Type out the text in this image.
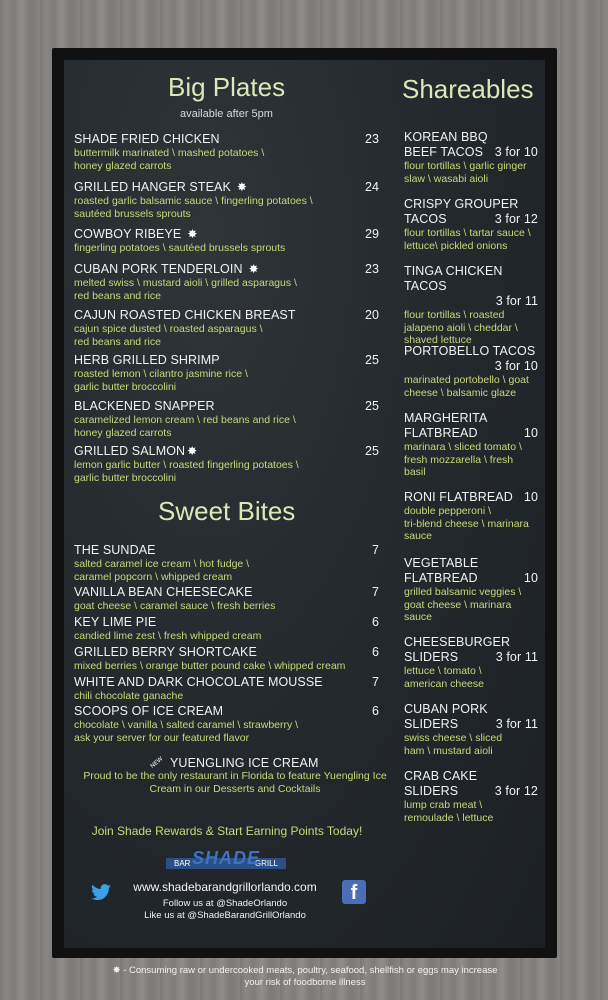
Big Plates
available after 5pm
SHADE FRIED CHICKEN
buttermilk marinated \ mashed potatoes \
honey glazed carrots
23
GRILLED HANGER STEAK ✸
roasted garlic balsamic sauce \ fingerling potatoes \
sautéed brussels sprouts
24
COWBOY RIBEYE ✸
fingerling potatoes \ sautéed brussels sprouts
29
CUBAN PORK TENDERLOIN ✸
melted swiss \ mustard aioli \ grilled asparagus \
red beans and rice
23
CAJUN ROASTED CHICKEN BREAST
cajun spice dusted \ roasted asparagus \
red beans and rice
20
HERB GRILLED SHRIMP
roasted lemon \ cilantro jasmine rice \
garlic butter broccolini
25
BLACKENED SNAPPER
caramelized lemon cream \ red beans and rice \
honey glazed carrots
25
GRILLED SALMON ✸
lemon garlic butter \ roasted fingerling potatoes \
garlic butter broccolini
25
Sweet Bites
THE SUNDAE
salted caramel ice cream \ hot fudge \
caramel popcorn \ whipped cream
7
VANILLA BEAN CHEESECAKE
goat cheese \ caramel sauce \ fresh berries
7
KEY LIME PIE
candied lime zest \ fresh whipped cream
6
GRILLED BERRY SHORTCAKE
mixed berries \ orange butter pound cake \ whipped cream
6
WHITE AND DARK CHOCOLATE MOUSSE
chili chocolate ganache
7
SCOOPS OF ICE CREAM
chocolate \ vanilla \ salted caramel \ strawberry \
ask your server for our featured flavor
6
NEW YUENGLING ICE CREAM
Proud to be the only restaurant in Florida to feature Yuengling Ice
Cream in our Desserts and Cocktails
Shareables
KOREAN BBQ
BEEF TACOS 3 for 10
flour tortillas \ garlic ginger
slaw \ wasabi aioli
CRISPY GROUPER
TACOS	3 for 12
flour tortillas \ tartar sauce \
lettuce\ pickled onions
TINGA CHICKEN TACOS
3 for 11
flour tortillas \ roasted
jalapeno aioli \ cheddar \
shaved lettuce
PORTOBELLO TACOS
3 for 10
marinated portobello \ goat
cheese \ balsamic glaze
MARGHERITA
FLATBREAD	10
marinara \ sliced tomato \
fresh mozzarella \ fresh
basil
RONI FLATBREAD 10
double pepperoni \
tri-blend cheese \ marinara
sauce
VEGETABLE
FLATBREAD	10
grilled balsamic veggies \
goat cheese \ marinara
sauce
CHEESEBURGER
SLIDERS	3 for 11
lettuce \ tomato \
american cheese
CUBAN PORK
SLIDERS	3 for 11
swiss cheese \ sliced
ham \ mustard aioli
CRAB CAKE
SLIDERS	3 for 12
lump crab meat \
remoulade \ lettuce
Join Shade Rewards & Start Earning Points Today!
BAR	GRILL
SHADE
www.shadebarandgrillorlando.com
Follow us at @ShadeOrlando
Like us at @ShadeBarandGrillOrlando
f
✸ - Consuming raw or undercooked meats, poultry, seafood, shellfish or eggs may increase
your risk of foodborne illness
